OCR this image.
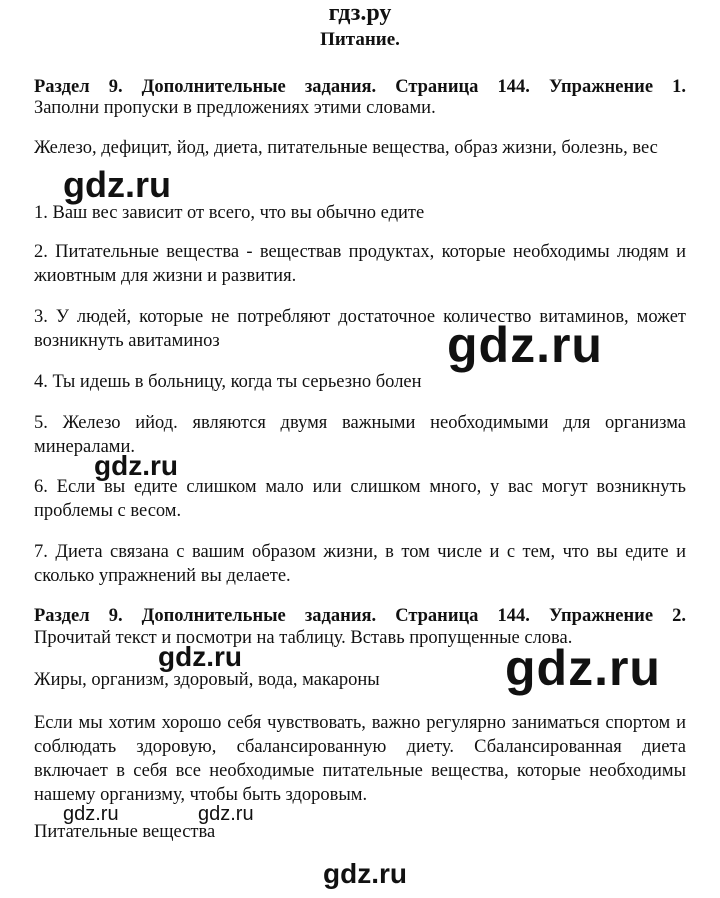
гдз.ру
Питание.
Раздел 9. Дополнительные задания. Страница 144. Упражнение 1.
Заполни пропуски в предложениях этими словами.
Железо, дефицит, йод, диета, питательные вещества, образ жизни, болезнь, вес
1. Ваш вес зависит от всего, что вы обычно едите
2. Питательные вещества - веществав продуктах, которые необходимы людям и жиовтным для жизни и развития.
3. У людей, которые не потребляют достаточное количество витаминов, может возникнуть авитаминоз
4. Ты идешь в больницу, когда ты серьезно болен
5. Железо ийод. являются двумя важными необходимыми для организма минералами.
6. Если вы едите слишком мало или слишком много, у вас могут возникнуть проблемы с весом.
7. Диета связана с вашим образом жизни, в том числе и с тем, что вы едите и сколько упражнений вы делаете.
Раздел 9. Дополнительные задания. Страница 144. Упражнение 2.
Прочитай текст и посмотри на таблицу. Вставь пропущенные слова.
Жиры, организм, здоровый, вода, макароны
Если мы хотим хорошо себя чувствовать, важно регулярно заниматься спортом и соблюдать здоровую, сбалансированную диету. Сбалансированная диета включает в себя все необходимые питательные вещества, которые необходимы нашему организму, чтобы быть здоровым.
Питательные вещества
gdz.ru
gdz.ru
gdz.ru
gdz.ru	gdz.ru
gdz.ru	gdz.ru
gdz.ru
